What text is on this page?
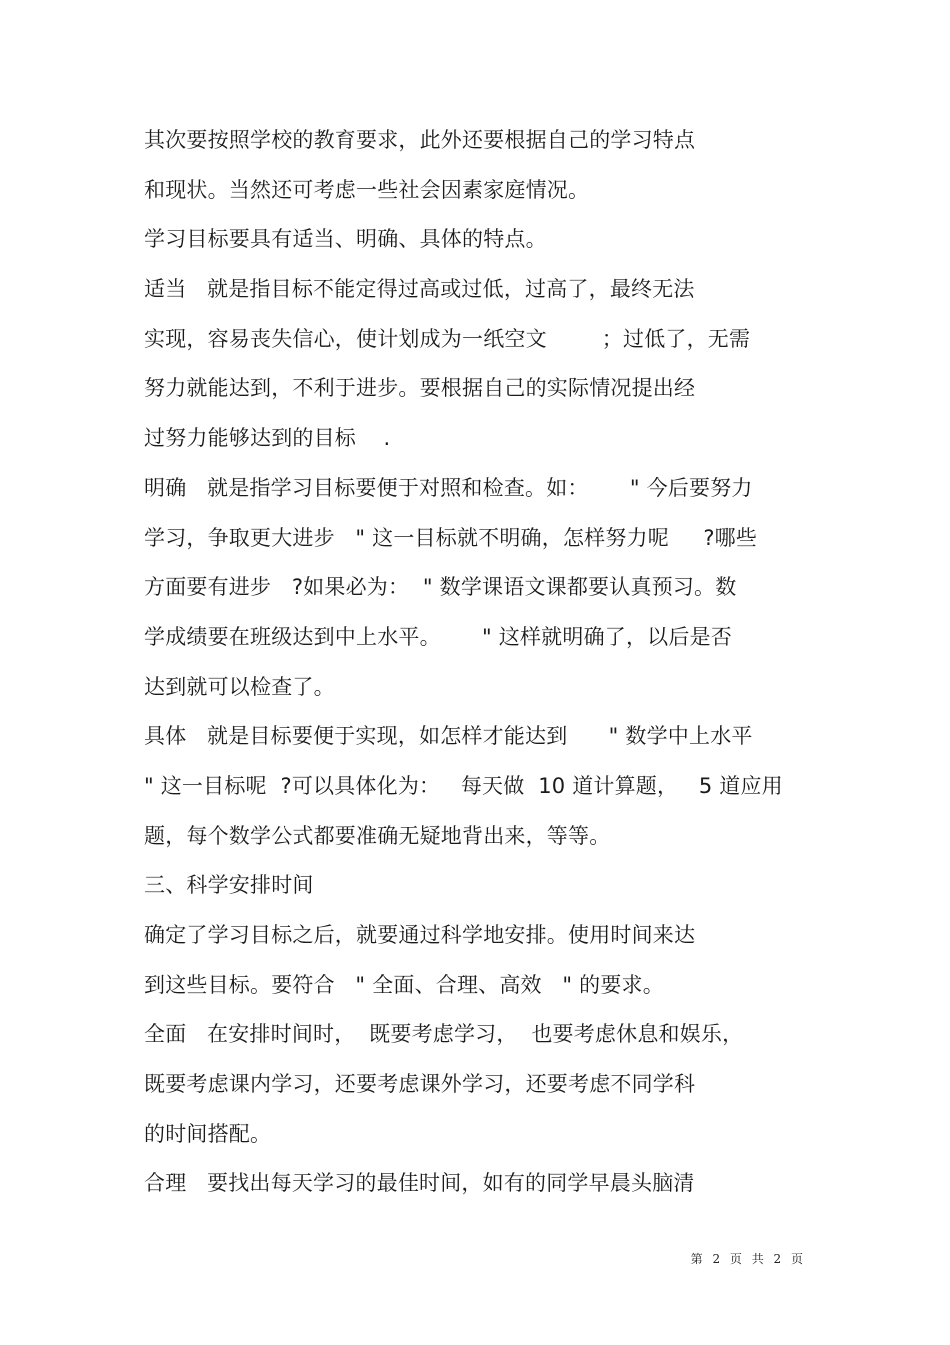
其次要按照学校的教育要求，此外还要根据自己的学习特点
和现状。当然还可考虑一些社会因素家庭情况。
学习目标要具有适当、明确、具体的特点。
适当   就是指目标不能定得过高或过低，过高了，最终无法
实现，容易丧失信心，使计划成为一纸空文        ；过低了，无需
努力就能达到，不利于进步。要根据自己的实际情况提出经
过努力能够达到的目标    .
明确   就是指学习目标要便于对照和检查。如：      " 今后要努力
学习，争取更大进步   " 这一目标就不明确，怎样努力呢     ?哪些
方面要有进步   ?如果必为：  " 数学课语文课都要认真预习。数
学成绩要在班级达到中上水平。      " 这样就明确了，以后是否
达到就可以检查了。
具体   就是目标要便于实现，如怎样才能达到      " 数学中上水平
" 这一目标呢  ?可以具体化为：   每天做  10 道计算题，   5 道应用
题，每个数学公式都要准确无疑地背出来，等等。
三、科学安排时间
确定了学习目标之后，就要通过科学地安排。使用时间来达
到这些目标。要符合   " 全面、合理、高效   " 的要求。
全面   在安排时间时，  既要考虑学习，  也要考虑休息和娱乐，
既要考虑课内学习，还要考虑课外学习，还要考虑不同学科
的时间搭配。
合理   要找出每天学习的最佳时间，如有的同学早晨头脑清
第 2 页 共 2 页
